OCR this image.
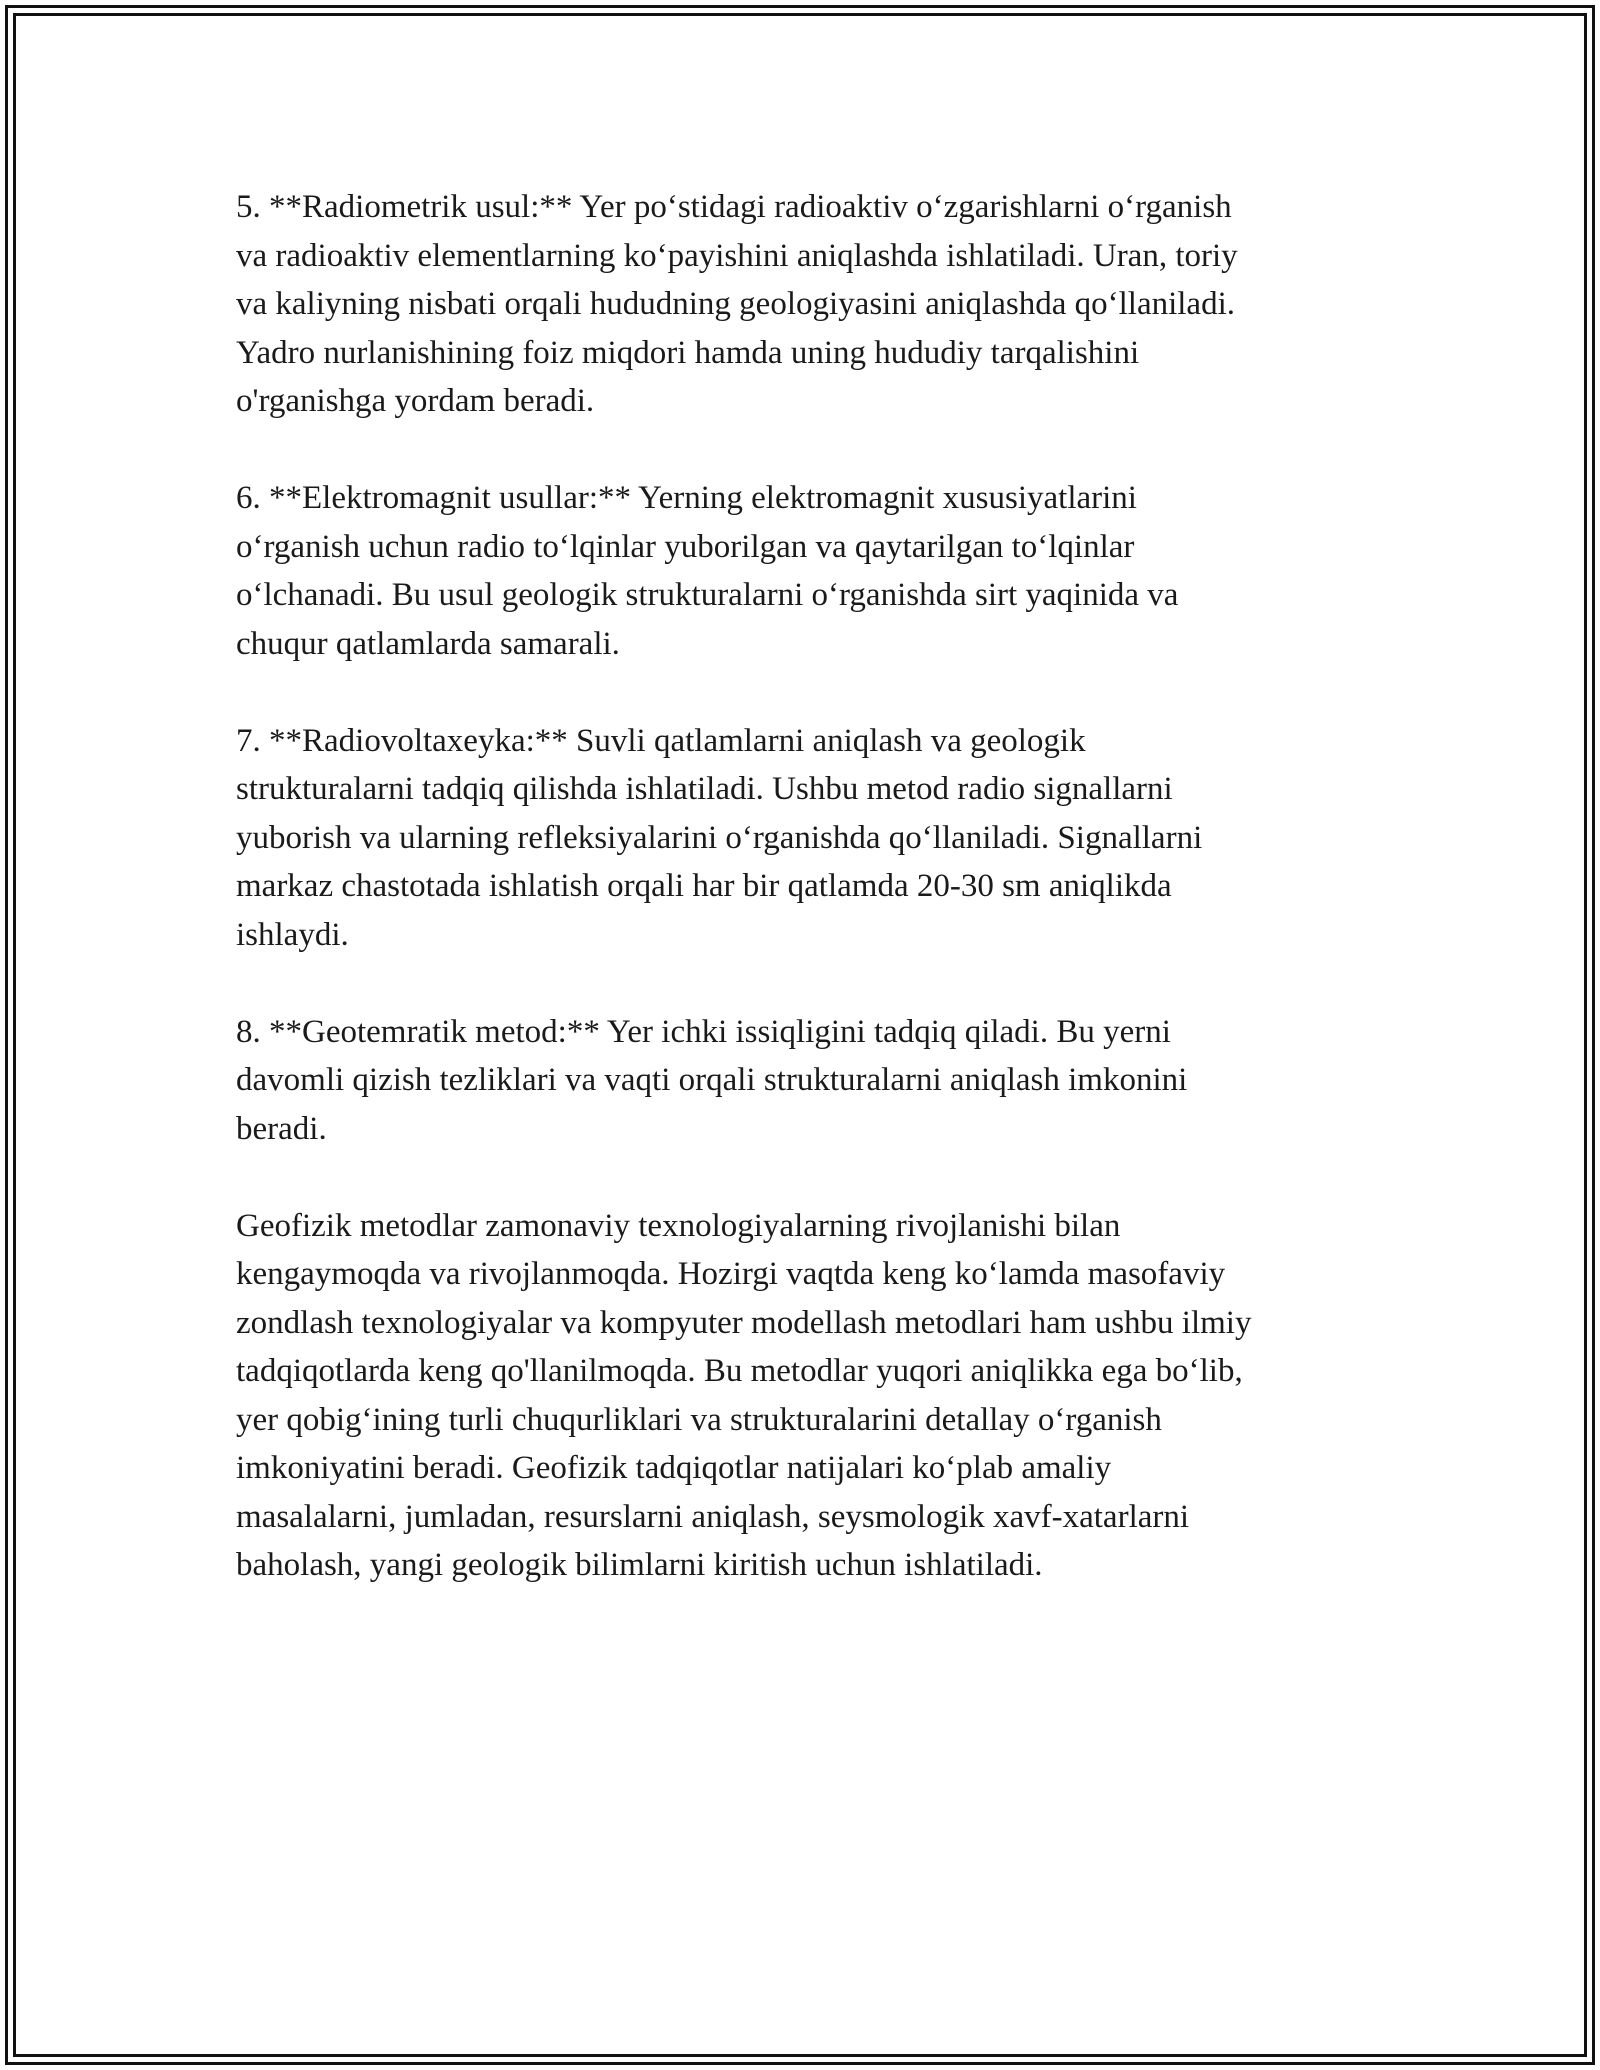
5. **Radiometrik usul:** Yer po‘stidagi radioaktiv o‘zgarishlarni o‘rganish
va radioaktiv elementlarning ko‘payishini aniqlashda ishlatiladi. Uran, toriy
va kaliyning nisbati orqali hududning geologiyasini aniqlashda qo‘llaniladi.
Yadro nurlanishining foiz miqdori hamda uning hududiy tarqalishini
o'rganishga yordam beradi.

6. **Elektromagnit usullar:** Yerning elektromagnit xususiyatlarini
o‘rganish uchun radio to‘lqinlar yuborilgan va qaytarilgan to‘lqinlar
o‘lchanadi. Bu usul geologik strukturalarni o‘rganishda sirt yaqinida va
chuqur qatlamlarda samarali.

7. **Radiovoltaxeyka:** Suvli qatlamlarni aniqlash va geologik
strukturalarni tadqiq qilishda ishlatiladi. Ushbu metod radio signallarni
yuborish va ularning refleksiyalarini o‘rganishda qo‘llaniladi. Signallarni
markaz chastotada ishlatish orqali har bir qatlamda 20-30 sm aniqlikda
ishlaydi.

8. **Geotemratik metod:** Yer ichki issiqligini tadqiq qiladi. Bu yerni
davomli qizish tezliklari va vaqti orqali strukturalarni aniqlash imkonini
beradi.

Geofizik metodlar zamonaviy texnologiyalarning rivojlanishi bilan
kengaymoqda va rivojlanmoqda. Hozirgi vaqtda keng ko‘lamda masofaviy
zondlash texnologiyalar va kompyuter modellash metodlari ham ushbu ilmiy
tadqiqotlarda keng qo'llanilmoqda. Bu metodlar yuqori aniqlikka ega bo‘lib,
yer qobig‘ining turli chuqurliklari va strukturalarini detallay o‘rganish
imkoniyatini beradi. Geofizik tadqiqotlar natijalari ko‘plab amaliy
masalalarni, jumladan, resurslarni aniqlash, seysmologik xavf-xatarlarni
baholash, yangi geologik bilimlarni kiritish uchun ishlatiladi.
